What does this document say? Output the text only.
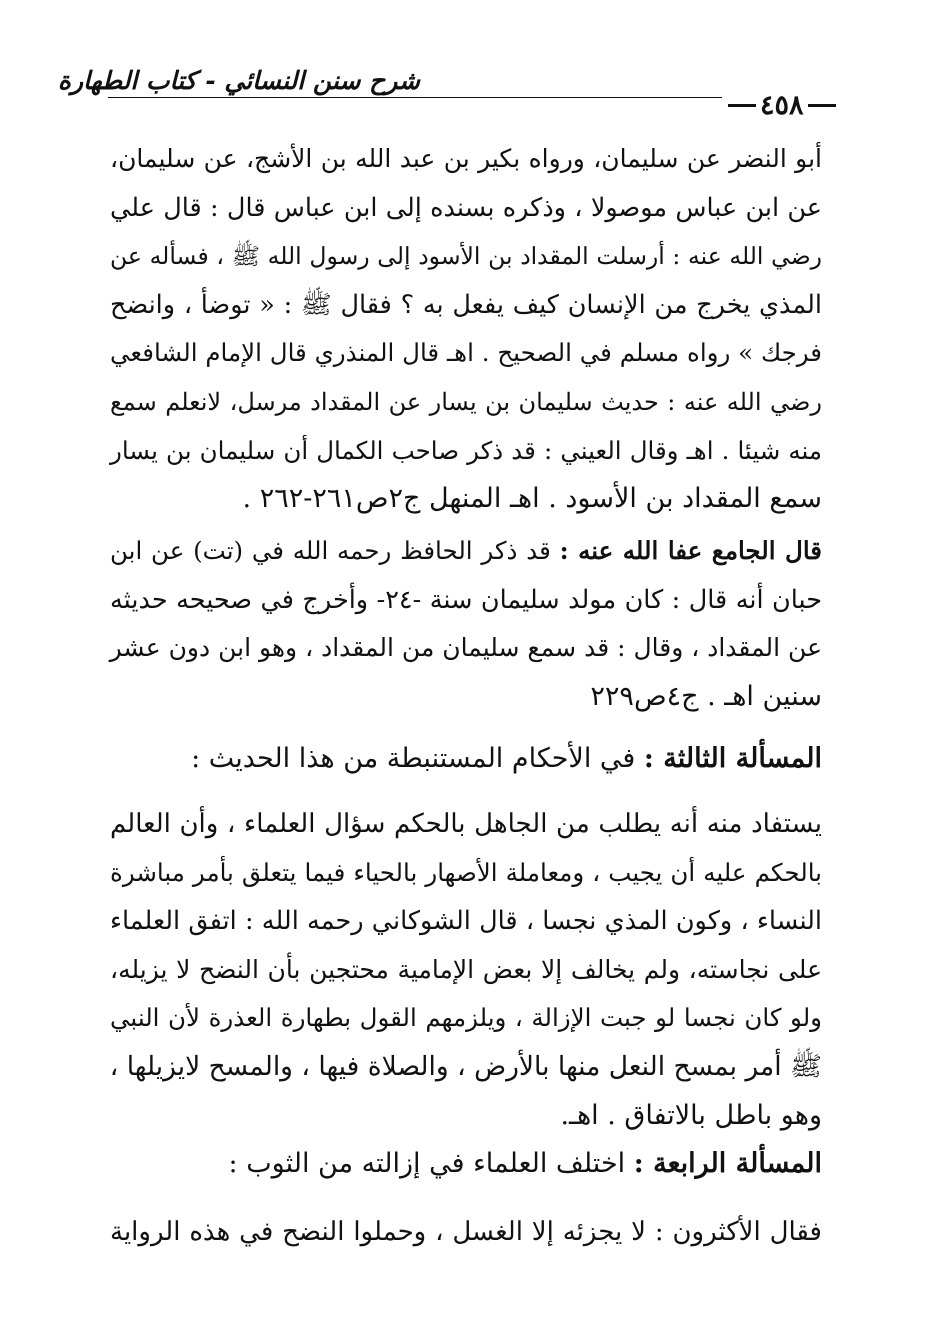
شرح سنن النسائي - كتاب الطهارة
٤٥٨
أبو النضر عن سليمان، ورواه بكير بن عبد الله بن الأشج، عن سليمان،
عن ابن عباس موصولا ، وذكره بسنده إلى ابن عباس قال : قال علي
رضي الله عنه : أرسلت المقداد بن الأسود إلى رسول الله ﷺ ، فسأله عن
المذي يخرج من الإنسان كيف يفعل به ؟ فقال ﷺ : « توضأ ، وانضح
فرجك » رواه مسلم في الصحيح . اهـ قال المنذري قال الإمام الشافعي
رضي الله عنه : حديث سليمان بن يسار عن المقداد مرسل، لانعلم سمع
منه شيئا . اهـ وقال العيني : قد ذكر صاحب الكمال أن سليمان بن يسار
سمع المقداد بن الأسود . اهـ المنهل ج٢ص٢٦١-٢٦٢ .
قال الجامع عفا الله عنه : قد ذكر الحافظ رحمه الله في (تت) عن ابن
حبان أنه قال : كان مولد سليمان سنة -٢٤- وأخرج في صحيحه حديثه
عن المقداد ، وقال : قد سمع سليمان من المقداد ، وهو ابن دون عشر
سنين اهـ . ج٤ص٢٢٩
المسألة الثالثة : في الأحكام المستنبطة من هذا الحديث :
يستفاد منه أنه يطلب من الجاهل بالحكم سؤال العلماء ، وأن العالم
بالحكم عليه أن يجيب ، ومعاملة الأصهار بالحياء فيما يتعلق بأمر مباشرة
النساء ، وكون المذي نجسا ، قال الشوكاني رحمه الله : اتفق العلماء
على نجاسته، ولم يخالف إلا بعض الإمامية محتجين بأن النضح لا يزيله،
ولو كان نجسا لو جبت الإزالة ، ويلزمهم القول بطهارة العذرة لأن النبي
ﷺ أمر بمسح النعل منها بالأرض ، والصلاة فيها ، والمسح لايزيلها ،
وهو باطل بالاتفاق . اهـ.
المسألة الرابعة : اختلف العلماء في إزالته من الثوب :
فقال الأكثرون : لا يجزئه إلا الغسل ، وحملوا النضح في هذه الرواية
